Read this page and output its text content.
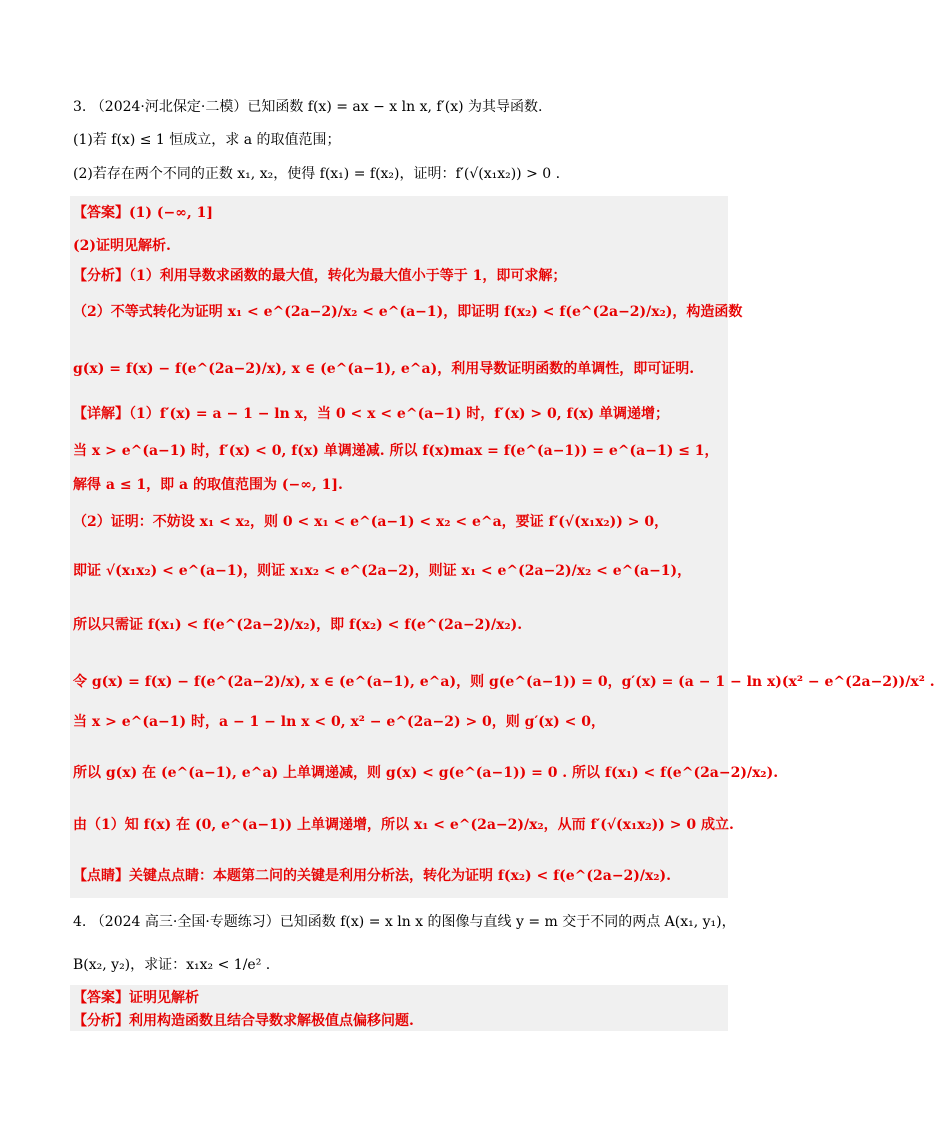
3. （2024·河北保定·二模）已知函数 f(x) = ax − x ln x, f′(x) 为其导函数.
(1)若 f(x) ≤ 1 恒成立，求 a 的取值范围；
(2)若存在两个不同的正数 x₁, x₂，使得 f(x₁) = f(x₂)，证明：f′(√(x₁x₂)) > 0 .
【答案】(1) (−∞, 1]
(2)证明见解析.
【分析】（1）利用导数求函数的最大值，转化为最大值小于等于 1，即可求解；
（2）不等式转化为证明 x₁ < e^(2a−2)/x₂ < e^(a−1)，即证明 f(x₂) < f(e^(2a−2)/x₂)，构造函数
g(x) = f(x) − f(e^(2a−2)/x), x ∈ (e^(a−1), e^a)，利用导数证明函数的单调性，即可证明.
【详解】（1）f′(x) = a − 1 − ln x，当 0 < x < e^(a−1) 时，f′(x) > 0, f(x) 单调递增；
当 x > e^(a−1) 时，f′(x) < 0, f(x) 单调递减. 所以 f(x)max = f(e^(a−1)) = e^(a−1) ≤ 1，
解得 a ≤ 1，即 a 的取值范围为 (−∞, 1].
（2）证明：不妨设 x₁ < x₂，则 0 < x₁ < e^(a−1) < x₂ < e^a，要证 f′(√(x₁x₂)) > 0，
即证 √(x₁x₂) < e^(a−1)，则证 x₁x₂ < e^(2a−2)，则证 x₁ < e^(2a−2)/x₂ < e^(a−1)，
所以只需证 f(x₁) < f(e^(2a−2)/x₂)，即 f(x₂) < f(e^(2a−2)/x₂).
令 g(x) = f(x) − f(e^(2a−2)/x), x ∈ (e^(a−1), e^a)，则 g(e^(a−1)) = 0，g′(x) = (a − 1 − ln x)(x² − e^(2a−2))/x² .
当 x > e^(a−1) 时，a − 1 − ln x < 0, x² − e^(2a−2) > 0，则 g′(x) < 0，
所以 g(x) 在 (e^(a−1), e^a) 上单调递减，则 g(x) < g(e^(a−1)) = 0 . 所以 f(x₁) < f(e^(2a−2)/x₂).
由（1）知 f(x) 在 (0, e^(a−1)) 上单调递增，所以 x₁ < e^(2a−2)/x₂，从而 f′(√(x₁x₂)) > 0 成立.
【点睛】关键点点睛：本题第二问的关键是利用分析法，转化为证明 f(x₂) < f(e^(2a−2)/x₂).
4. （2024 高三·全国·专题练习）已知函数 f(x) = x ln x 的图像与直线 y = m 交于不同的两点 A(x₁, y₁)，
B(x₂, y₂)，求证：x₁x₂ < 1/e² .
【答案】证明见解析
【分析】利用构造函数且结合导数求解极值点偏移问题.
